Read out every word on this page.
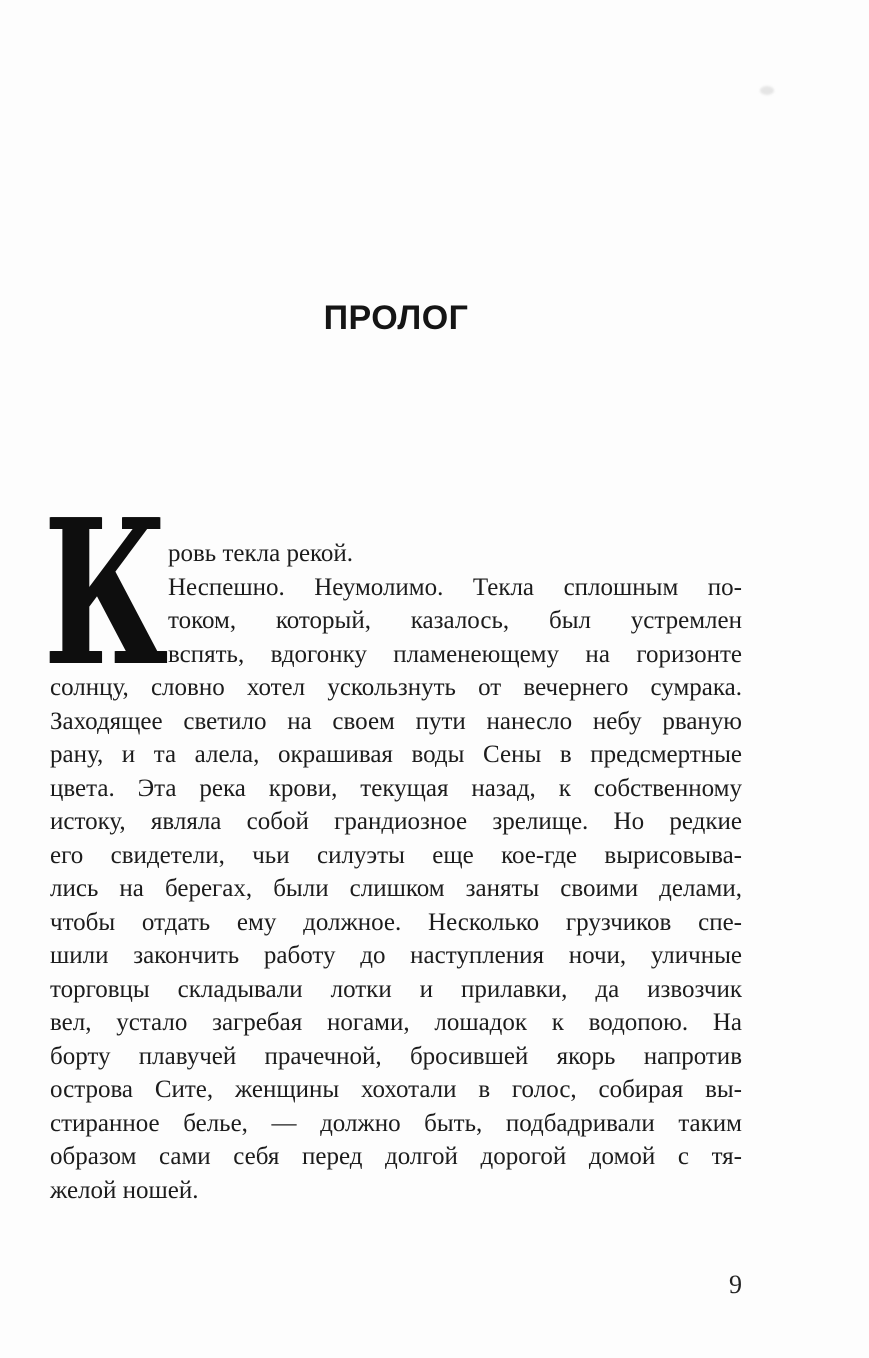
ПРОЛОГ
К ровь текла рекой.
Неспешно. Неумолимо. Текла сплошным по-
током, который, казалось, был устремлен
вспять, вдогонку пламенеющему на горизонте
солнцу, словно хотел ускользнуть от вечернего сумрака.
Заходящее светило на своем пути нанесло небу рваную
рану, и та алела, окрашивая воды Сены в предсмертные
цвета. Эта река крови, текущая назад, к собственному
истоку, являла собой грандиозное зрелище. Но редкие
его свидетели, чьи силуэты еще кое-где вырисовыва-
лись на берегах, были слишком заняты своими делами,
чтобы отдать ему должное. Несколько грузчиков спе-
шили закончить работу до наступления ночи, уличные
торговцы складывали лотки и прилавки, да извозчик
вел, устало загребая ногами, лошадок к водопою. На
борту плавучей прачечной, бросившей якорь напротив
острова Сите, женщины хохотали в голос, собирая вы-
стиранное белье, — должно быть, подбадривали таким
образом сами себя перед долгой дорогой домой с тя-
желой ношей.
9
